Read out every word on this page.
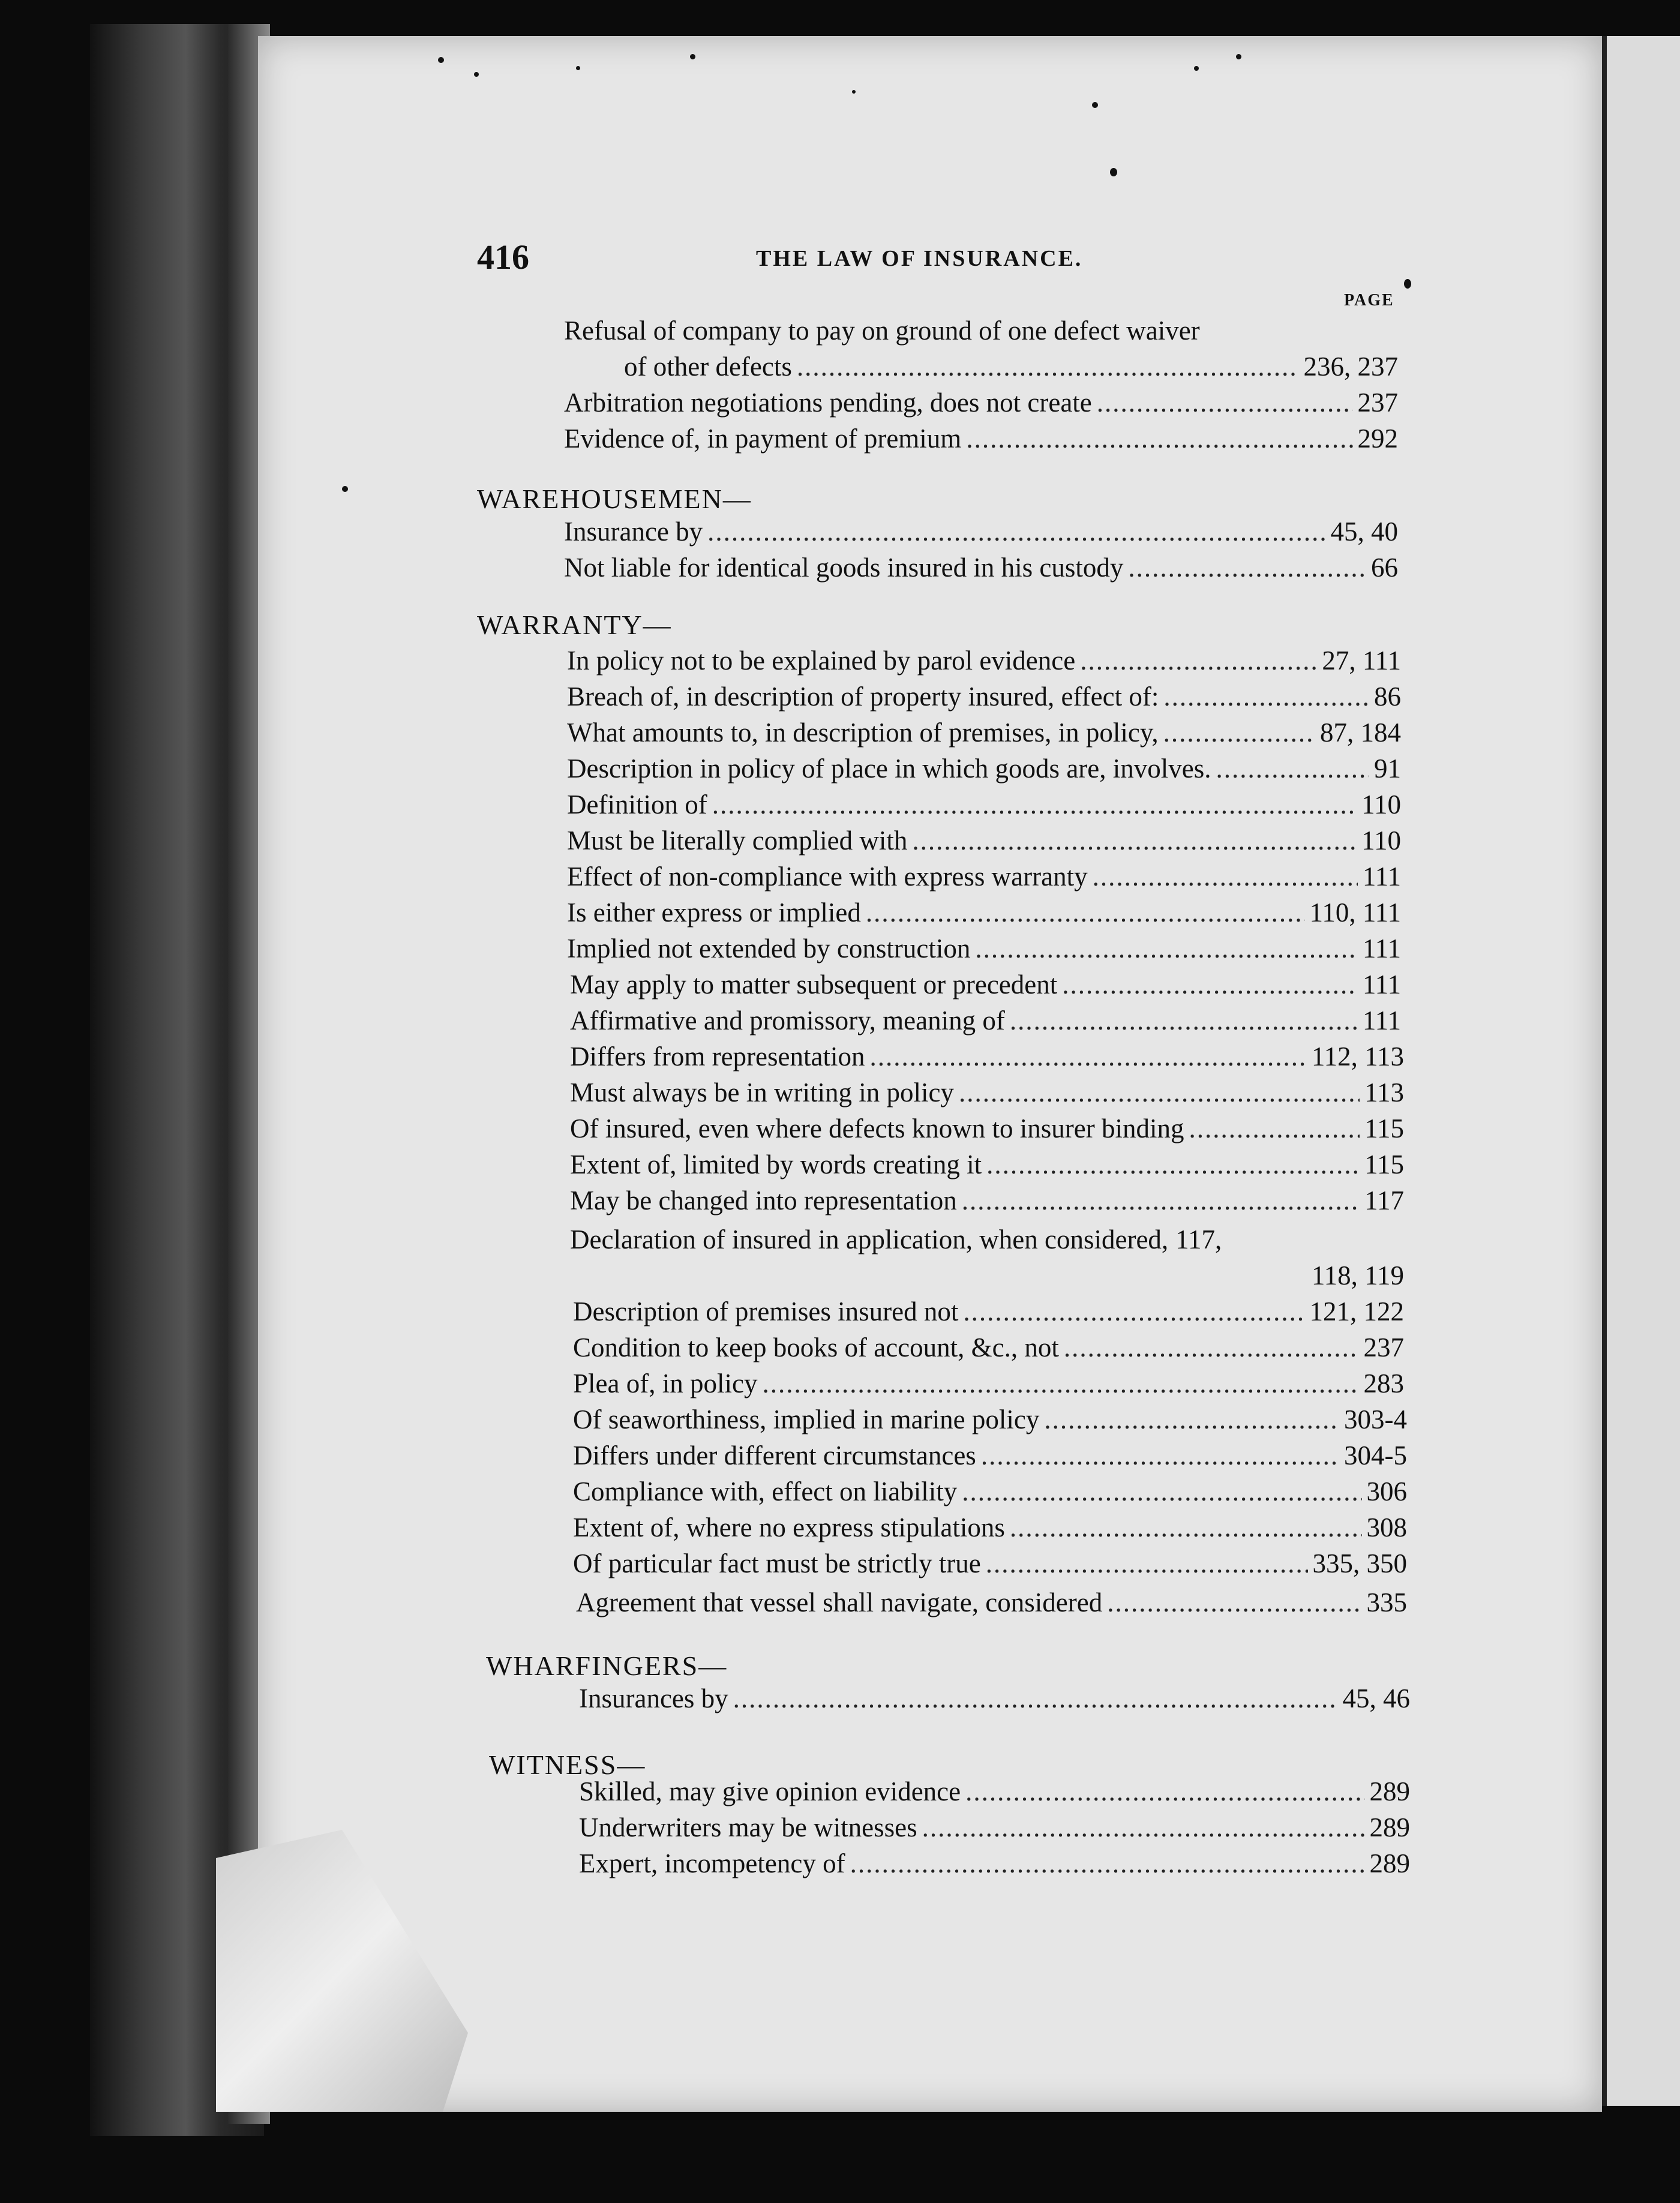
416	THE LAW OF INSURANCE.
PAGE
Refusal of company to pay on ground of one defect waiver
of other defects .....	236, 237
Arbitration negotiations pending, does not create .....	237
Evidence of, in payment of premium .....	292
WAREHOUSEMEN—
Insurance by .....	45, 40
Not liable for identical goods insured in his custody .....	66
WARRANTY—
In policy not to be explained by parol evidence .....	27, 111
Breach of, in description of property insured, effect of: .....	86
What amounts to, in description of premises, in policy, .....	87, 184
Description in policy of place in which goods are, involves. .....	91
Definition of .....	110
Must be literally complied with .....	110
Effect of non-compliance with express warranty .....	111
Is either express or implied .....	110, 111
Implied not extended by construction .....	111
May apply to matter subsequent or precedent .....	111
Affirmative and promissory, meaning of .....	111
Differs from representation .....	112, 113
Must always be in writing in policy .....	113
Of insured, even where defects known to insurer binding .....	115
Extent of, limited by words creating it .....	115
May be changed into representation .....	117
Declaration of insured in application, when considered, 117,
118, 119
Description of premises insured not .....	121, 122
Condition to keep books of account, &c., not .....	237
Plea of, in policy .....	283
Of seaworthiness, implied in marine policy .....	303-4
Differs under different circumstances .....	304-5
Compliance with, effect on liability .....	306
Extent of, where no express stipulations .....	308
Of particular fact must be strictly true .....	335, 350
Agreement that vessel shall navigate, considered .....	335
WHARFINGERS—
Insurances by .....	45, 46
WITNESS—
Skilled, may give opinion evidence .....	289
Underwriters may be witnesses .....	289
Expert, incompetency of .....	289
